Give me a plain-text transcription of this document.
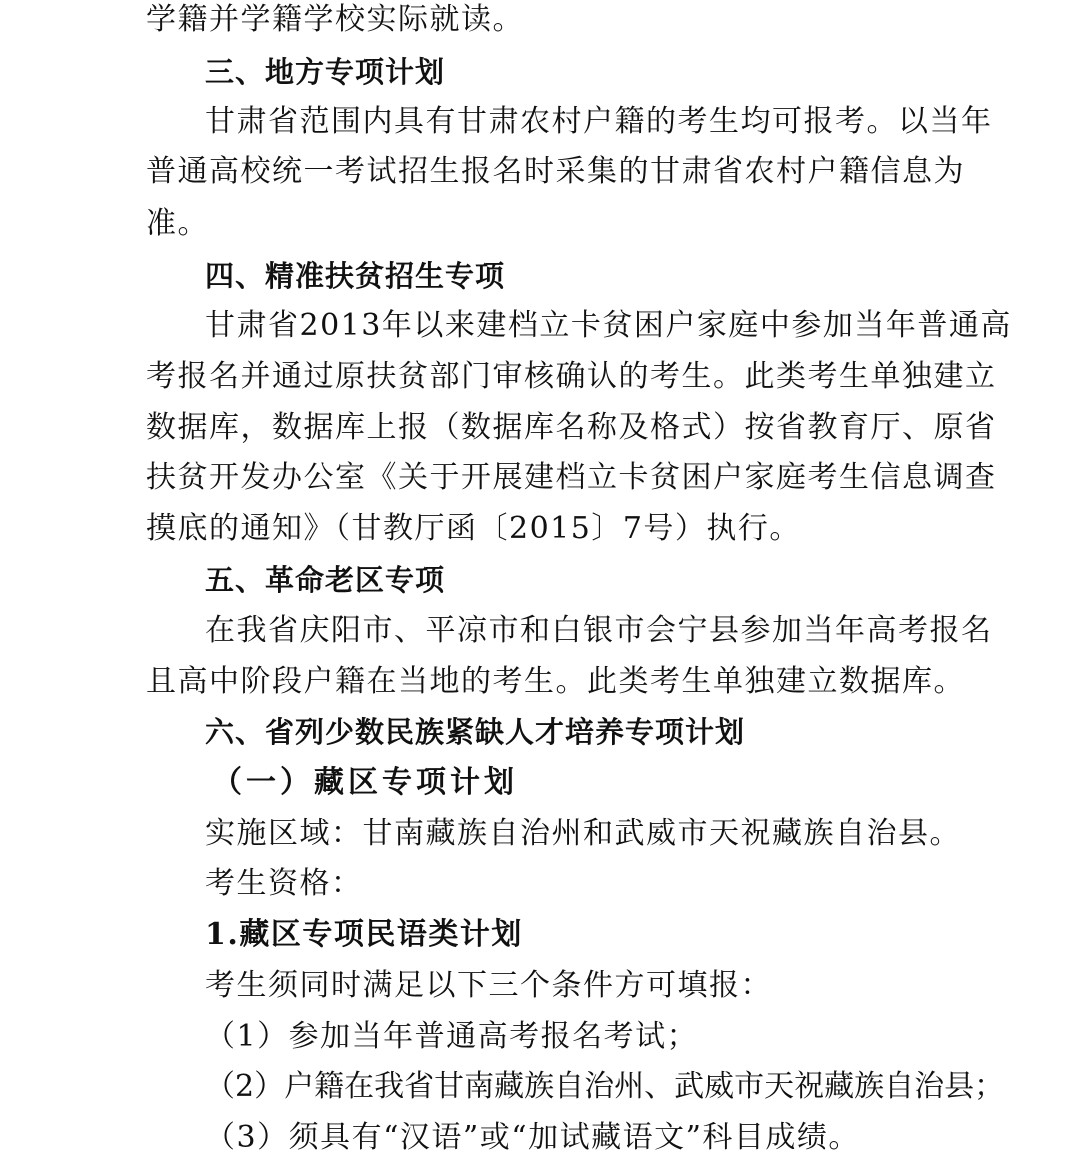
学籍并学籍学校实际就读。
三、地方专项计划
甘肃省范围内具有甘肃农村户籍的考生均可报考。以当年
普通高校统一考试招生报名时采集的甘肃省农村户籍信息为
准。
四、精准扶贫招生专项
甘肃省2013年以来建档立卡贫困户家庭中参加当年普通高
考报名并通过原扶贫部门审核确认的考生。此类考生单独建立
数据库，数据库上报（数据库名称及格式）按省教育厅、原省
扶贫开发办公室《关于开展建档立卡贫困户家庭考生信息调查
摸底的通知》（甘教厅函〔2015〕7号）执行。
五、革命老区专项
在我省庆阳市、平凉市和白银市会宁县参加当年高考报名
且高中阶段户籍在当地的考生。此类考生单独建立数据库。
六、省列少数民族紧缺人才培养专项计划
（一）藏区专项计划
实施区域：甘南藏族自治州和武威市天祝藏族自治县。
考生资格：
1.藏区专项民语类计划
考生须同时满足以下三个条件方可填报：
（1）参加当年普通高考报名考试；
（2）户籍在我省甘南藏族自治州、武威市天祝藏族自治县；
（3）须具有“汉语”或“加试藏语文”科目成绩。
